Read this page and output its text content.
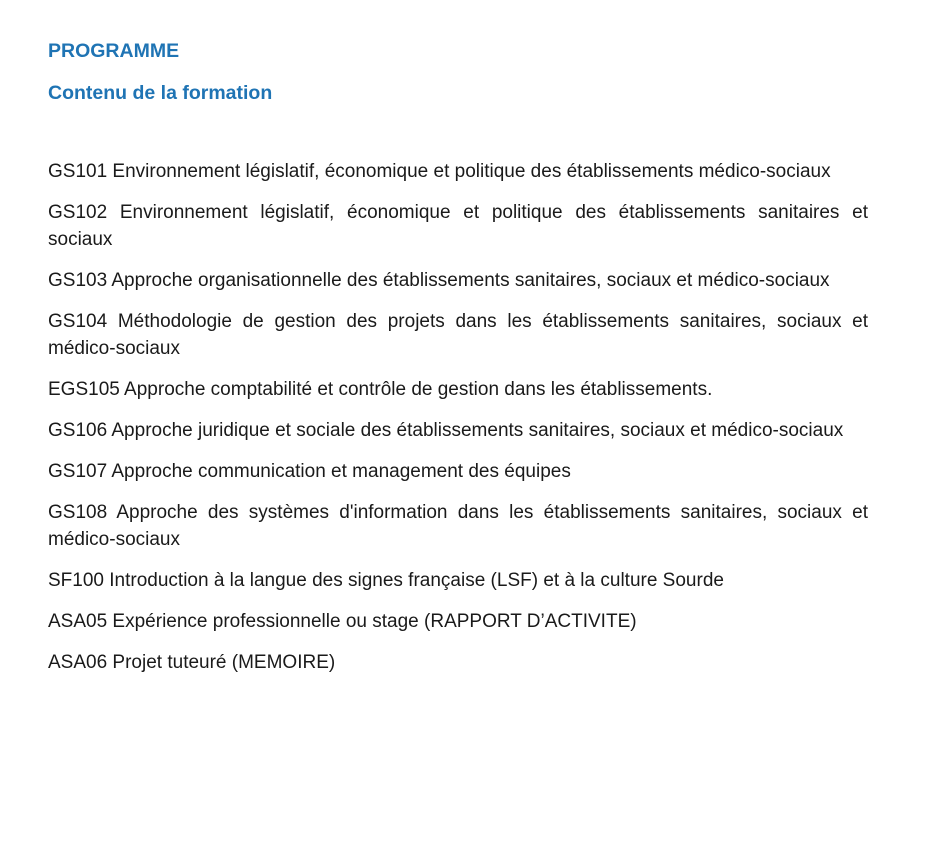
PROGRAMME
Contenu de la formation
GS101 Environnement législatif, économique et politique des établissements médico-sociaux
GS102 Environnement législatif, économique et politique des établissements sanitaires et sociaux
GS103 Approche organisationnelle des établissements sanitaires, sociaux et médico-sociaux
GS104 Méthodologie de gestion des projets dans les établissements sanitaires, sociaux et médico-sociaux
EGS105 Approche comptabilité et contrôle de gestion dans les établissements.
GS106 Approche juridique et sociale des établissements sanitaires, sociaux et médico-sociaux
GS107 Approche communication et management des équipes
GS108 Approche des systèmes d'information dans les établissements sanitaires, sociaux et médico-sociaux
SF100 Introduction à la langue des signes française (LSF) et à la culture Sourde
ASA05 Expérience professionnelle ou stage (RAPPORT D’ACTIVITE)
ASA06 Projet tuteuré (MEMOIRE)
